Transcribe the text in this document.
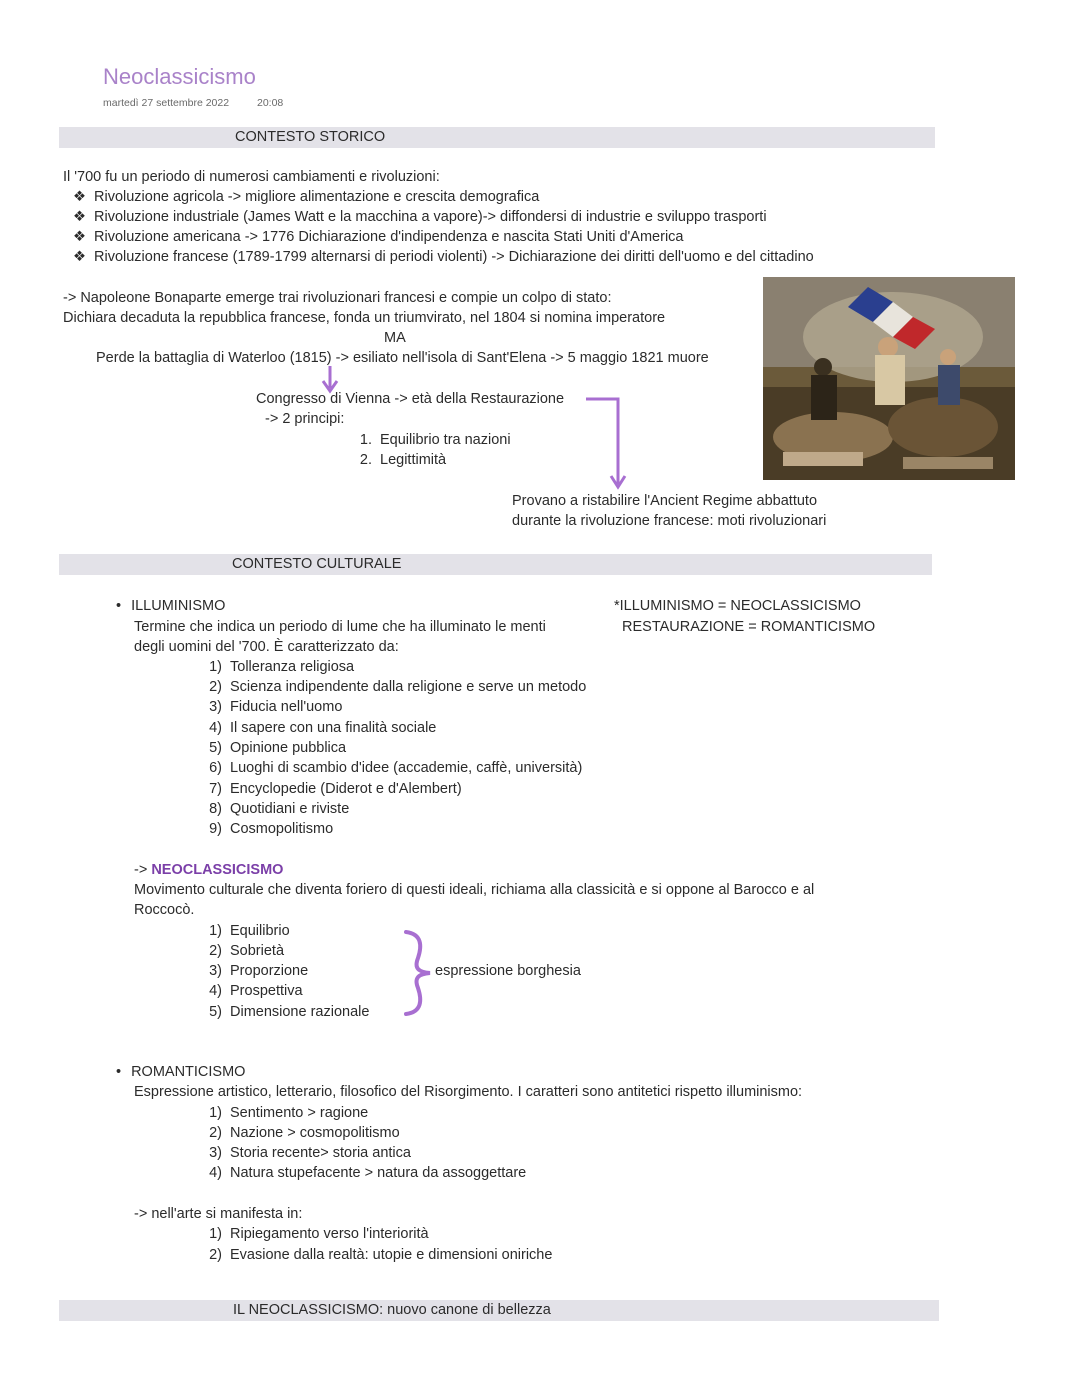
Neoclassicismo
martedì 27 settembre 2022	20:08
CONTESTO STORICO
Il '700 fu un periodo di numerosi cambiamenti e rivoluzioni:
❖ Rivoluzione agricola -> migliore alimentazione e crescita demografica
❖ Rivoluzione industriale (James Watt e la macchina a vapore)-> diffondersi di industrie e sviluppo trasporti
❖ Rivoluzione americana -> 1776 Dichiarazione d'indipendenza e nascita Stati Uniti d'America
❖ Rivoluzione francese (1789-1799 alternarsi di periodi violenti) -> Dichiarazione dei diritti dell'uomo e del cittadino
-> Napoleone Bonaparte emerge trai rivoluzionari francesi e compie un colpo di stato:
Dichiara decaduta la repubblica francese, fonda un triumvirato, nel 1804 si nomina imperatore
MA
Perde la battaglia di Waterloo (1815) -> esiliato nell'isola di Sant'Elena -> 5 maggio 1821 muore
Congresso di Vienna -> età della Restaurazione
-> 2 principi:
1. Equilibrio tra nazioni
2. Legittimità
Provano a ristabilire l'Ancient Regime abbattuto
durante la rivoluzione francese: moti rivoluzionari
CONTESTO CULTURALE
• ILLUMINISMO
Termine che indica un periodo di lume che ha illuminato le menti
degli uomini del '700. È caratterizzato da:
*ILLUMINISMO = NEOCLASSICISMO
RESTAURAZIONE = ROMANTICISMO
1) Tolleranza religiosa
2) Scienza indipendente dalla religione e serve un metodo
3) Fiducia nell'uomo
4) Il sapere con una finalità sociale
5) Opinione pubblica
6) Luoghi di scambio d'idee (accademie, caffè, università)
7) Encyclopedie (Diderot e d'Alembert)
8) Quotidiani e riviste
9) Cosmopolitismo
-> NEOCLASSICISMO
Movimento culturale che diventa foriero di questi ideali, richiama alla classicità e si oppone al Barocco e al
Roccocò.
1) Equilibrio
2) Sobrietà
3) Proporzione
4) Prospettiva
5) Dimensione razionale
espressione borghesia
• ROMANTICISMO
Espressione artistico, letterario, filosofico del Risorgimento. I caratteri sono antitetici rispetto illuminismo:
1) Sentimento > ragione
2) Nazione > cosmopolitismo
3) Storia recente> storia antica
4) Natura stupefacente > natura da assoggettare
-> nell'arte si manifesta in:
1) Ripiegamento verso l'interiorità
2) Evasione dalla realtà: utopie e dimensioni oniriche
IL NEOCLASSICISMO: nuovo canone di bellezza
